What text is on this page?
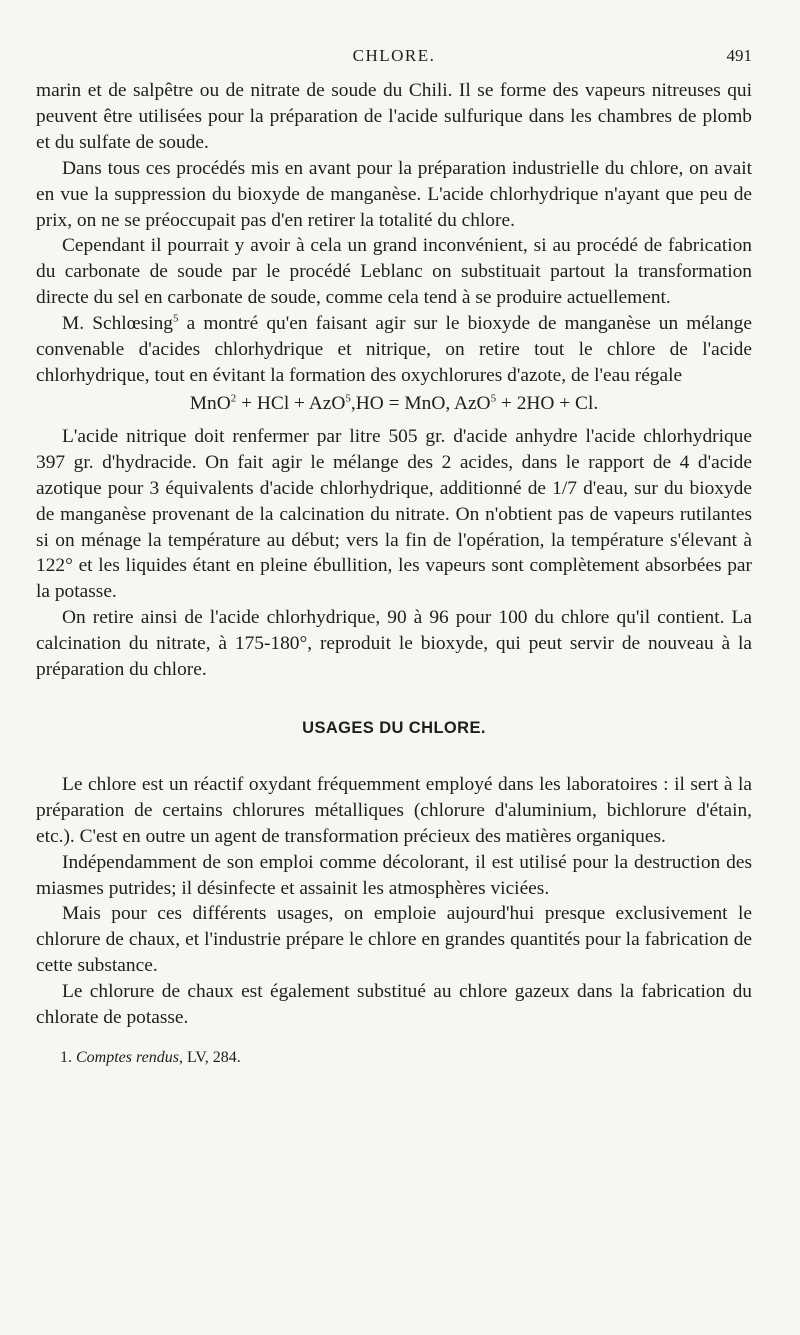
CHLORE.	491

marin et de salpêtre ou de nitrate de soude du Chili. Il se forme des vapeurs nitreuses qui peuvent être utilisées pour la préparation de l'acide sulfurique dans les chambres de plomb et du sulfate de soude.

Dans tous ces procédés mis en avant pour la préparation industrielle du chlore, on avait en vue la suppression du bioxyde de manganèse. L'acide chlorhydrique n'ayant que peu de prix, on ne se préoccupait pas d'en retirer la totalité du chlore.

Cependant il pourrait y avoir à cela un grand inconvénient, si au procédé de fabrication du carbonate de soude par le procédé Leblanc on substituait partout la transformation directe du sel en carbonate de soude, comme cela tend à se produire actuellement.

M. Schlœsing$^5$ a montré qu'en faisant agir sur le bioxyde de manganèse un mélange convenable d'acides chlorhydrique et nitrique, on retire tout le chlore de l'acide chlorhydrique, tout en évitant la formation des oxychlorures d'azote, de l'eau régale

MnO$^2$ + HCl + AzO$^5$,HO = MnO, AzO$^5$ + 2HO + Cl.

L'acide nitrique doit renfermer par litre 505 gr. d'acide anhydre l'acide chlorhydrique 397 gr. d'hydracide. On fait agir le mélange des 2 acides, dans le rapport de 4 d'acide azotique pour 3 équivalents d'acide chlorhydrique, additionné de 1/7 d'eau, sur du bioxyde de manganèse provenant de la calcination du nitrate. On n'obtient pas de vapeurs rutilantes si on ménage la température au début; vers la fin de l'opération, la température s'élevant à 122° et les liquides étant en pleine ébullition, les vapeurs sont complètement absorbées par la potasse.

On retire ainsi de l'acide chlorhydrique, 90 à 96 pour 100 du chlore qu'il contient. La calcination du nitrate, à 175-180°, reproduit le bioxyde, qui peut servir de nouveau à la préparation du chlore.

USAGES DU CHLORE.

Le chlore est un réactif oxydant fréquemment employé dans les laboratoires : il sert à la préparation de certains chlorures métalliques (chlorure d'aluminium, bichlorure d'étain, etc.). C'est en outre un agent de transformation précieux des matières organiques.

Indépendamment de son emploi comme décolorant, il est utilisé pour la destruction des miasmes putrides; il désinfecte et assainit les atmosphères viciées.

Mais pour ces différents usages, on emploie aujourd'hui presque exclusivement le chlorure de chaux, et l'industrie prépare le chlore en grandes quantités pour la fabrication de cette substance.

Le chlorure de chaux est également substitué au chlore gazeux dans la fabrication du chlorate de potasse.

1. Comptes rendus, LV, 284.
